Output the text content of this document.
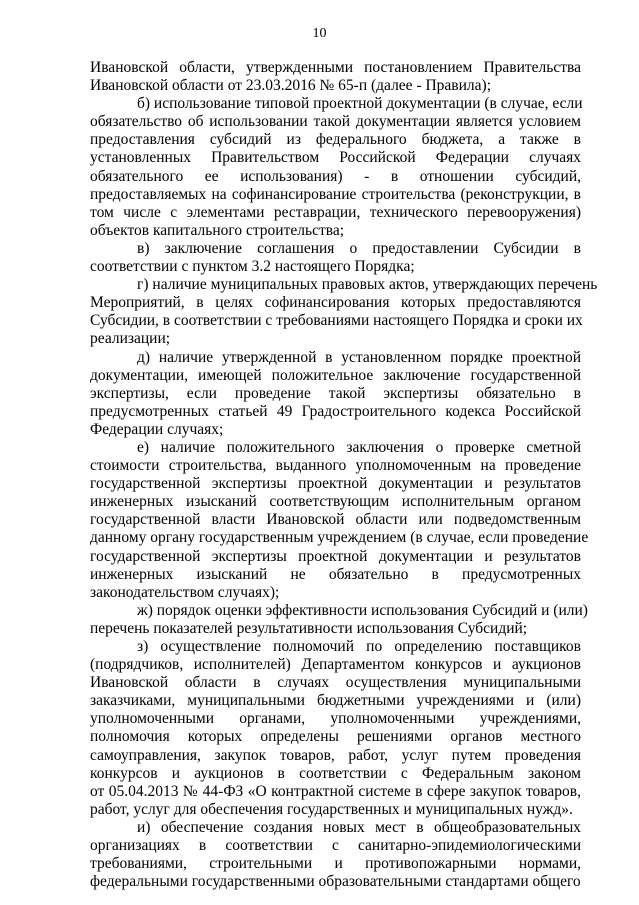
10

Ивановской области, утвержденными постановлением Правительства
Ивановской области от 23.03.2016 № 65-п (далее - Правила);

б) использование типовой проектной документации (в случае, если
обязательство об использовании такой документации является условием
предоставления субсидий из федерального бюджета, а также в
установленных Правительством Российской Федерации случаях
обязательного ее использования) - в отношении субсидий,
предоставляемых на софинансирование строительства (реконструкции, в
том числе с элементами реставрации, технического перевооружения)
объектов капитального строительства;

в) заключение соглашения о предоставлении Субсидии в
соответствии с пунктом 3.2 настоящего Порядка;

г) наличие муниципальных правовых актов, утверждающих перечень
Мероприятий, в целях софинансирования которых предоставляются
Субсидии, в соответствии с требованиями настоящего Порядка и сроки их
реализации;

д) наличие утвержденной в установленном порядке проектной
документации, имеющей положительное заключение государственной
экспертизы, если проведение такой экспертизы обязательно в
предусмотренных статьей 49 Градостроительного кодекса Российской
Федерации случаях;

е) наличие положительного заключения о проверке сметной
стоимости строительства, выданного уполномоченным на проведение
государственной экспертизы проектной документации и результатов
инженерных изысканий соответствующим исполнительным органом
государственной власти Ивановской области или подведомственным
данному органу государственным учреждением (в случае, если проведение
государственной экспертизы проектной документации и результатов
инженерных изысканий не обязательно в предусмотренных
законодательством случаях);

ж) порядок оценки эффективности использования Субсидий и (или)
перечень показателей результативности использования Субсидий;

з) осуществление полномочий по определению поставщиков
(подрядчиков, исполнителей) Департаментом конкурсов и аукционов
Ивановской области в случаях осуществления муниципальными
заказчиками, муниципальными бюджетными учреждениями и (или)
уполномоченными органами, уполномоченными учреждениями,
полномочия которых определены решениями органов местного
самоуправления, закупок товаров, работ, услуг путем проведения
конкурсов и аукционов в соответствии с Федеральным законом
от 05.04.2013 № 44-ФЗ «О контрактной системе в сфере закупок товаров,
работ, услуг для обеспечения государственных и муниципальных нужд».

и) обеспечение создания новых мест в общеобразовательных
организациях в соответствии с санитарно-эпидемиологическими
требованиями, строительными и противопожарными нормами,
федеральными государственными образовательными стандартами общего
